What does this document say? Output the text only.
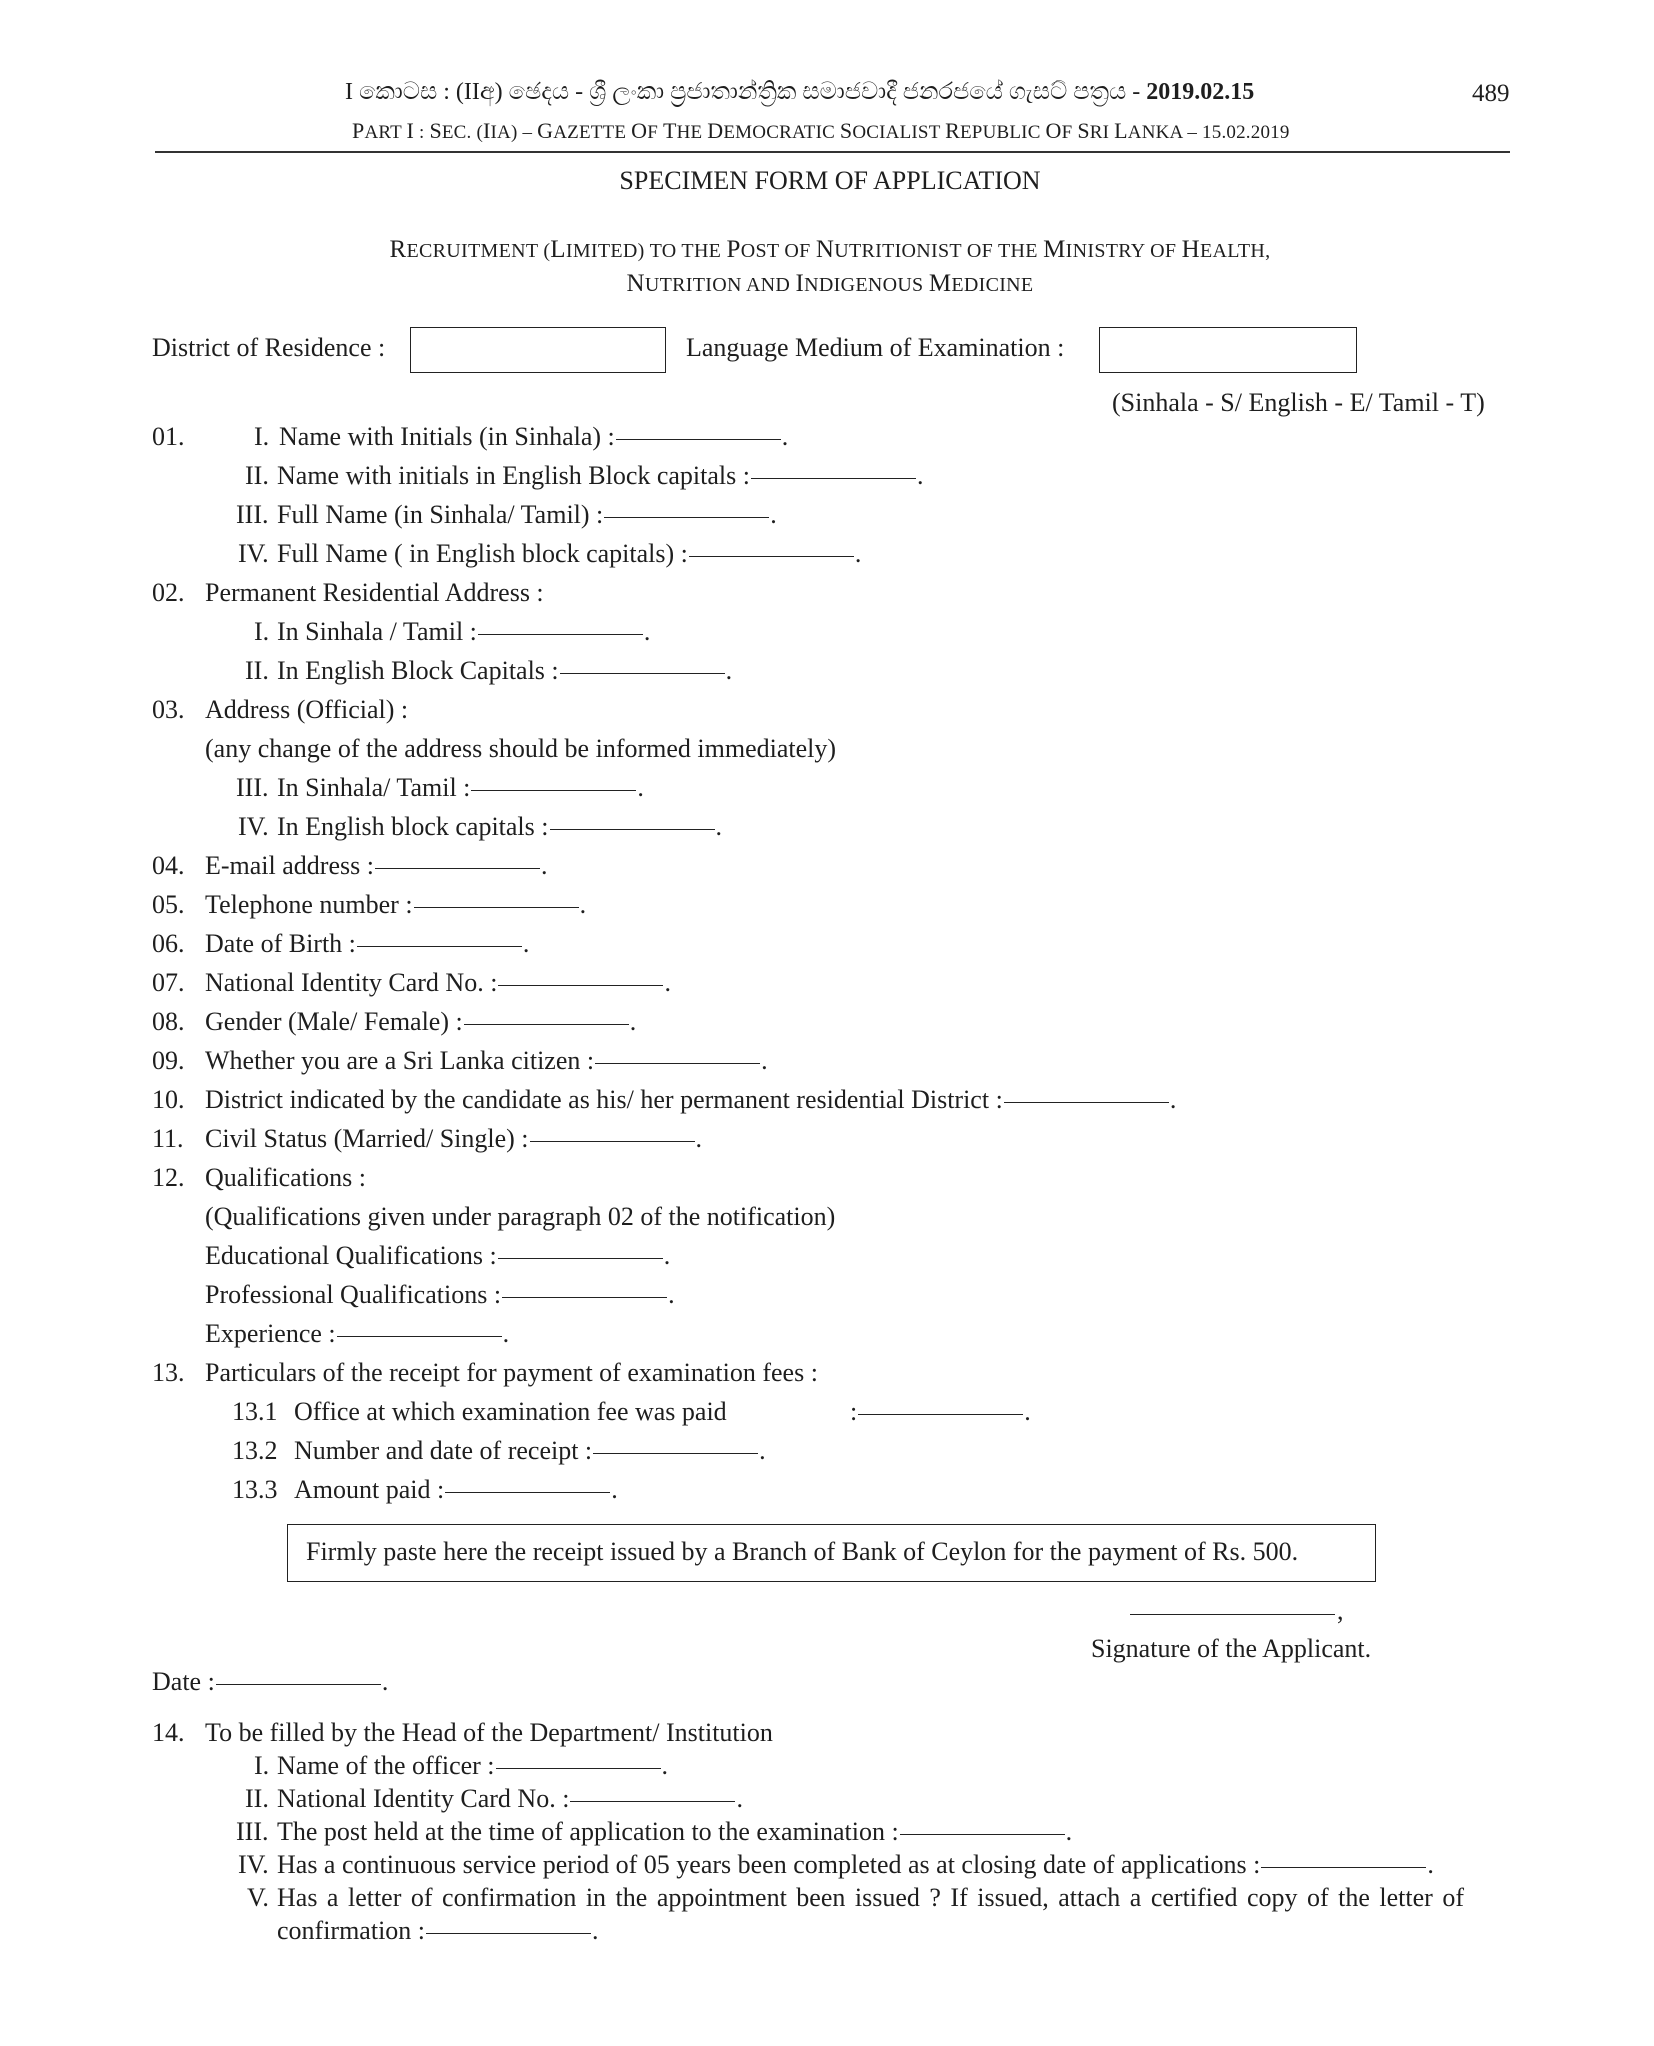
I කොටස : (IIඅ) ඡෙදය - ශ්‍රී ලංකා ප්‍රජාතාන්ත්‍රික සමාජවාදී ජනරජයේ ගැසට් පත්‍රය - 2019.02.15	489
PART I : SEC. (IIA) – GAZETTE OF THE DEMOCRATIC SOCIALIST REPUBLIC OF SRI LANKA – 15.02.2019
SPECIMEN FORM OF APPLICATION
RECRUITMENT (LIMITED) TO THE POST OF NUTRITIONIST OF THE MINISTRY OF HEALTH,
NUTRITION AND INDIGENOUS MEDICINE
District of Residence :	Language Medium of Examination :
(Sinhala - S/ English - E/ Tamil - T)
01.	I. Name with Initials (in Sinhala) :	.
II. Name with initials in English Block capitals :	.
III. Full Name (in Sinhala/ Tamil) :	.
IV. Full Name ( in English block capitals) :	.
02. Permanent Residential Address :
I. In Sinhala / Tamil :	.
II. In English Block Capitals :	.
03. Address (Official) :
(any change of the address should be informed immediately)
III. In Sinhala/ Tamil :	.
IV. In English block capitals :	.
04. E-mail address :	.
05. Telephone number :	.
06. Date of Birth :	.
07. National Identity Card No. :	.
08. Gender (Male/ Female) :	.
09. Whether you are a Sri Lanka citizen :	.
10. District indicated by the candidate as his/ her permanent residential District :	.
11. Civil Status (Married/ Single) :	.
12. Qualifications :
(Qualifications given under paragraph 02 of the notification)
Educational Qualifications :	.
Professional Qualifications :	.
Experience :	.
13. Particulars of the receipt for payment of examination fees :
13.1 Office at which examination fee was paid	:	.
13.2 Number and date of receipt :	.
13.3 Amount paid :	.
Firmly paste here the receipt issued by a Branch of Bank of Ceylon for the payment of Rs. 500.
,
Signature of the Applicant.
Date :	.
14. To be filled by the Head of the Department/ Institution
I. Name of the officer :	.
II. National Identity Card No. :	.
III. The post held at the time of application to the examination :	.
IV. Has a continuous service period of 05 years been completed as at closing date of applications :	.
V. Has a letter of confirmation in the appointment been issued ? If issued, attach a certified copy of the letter of
confirmation :	.
